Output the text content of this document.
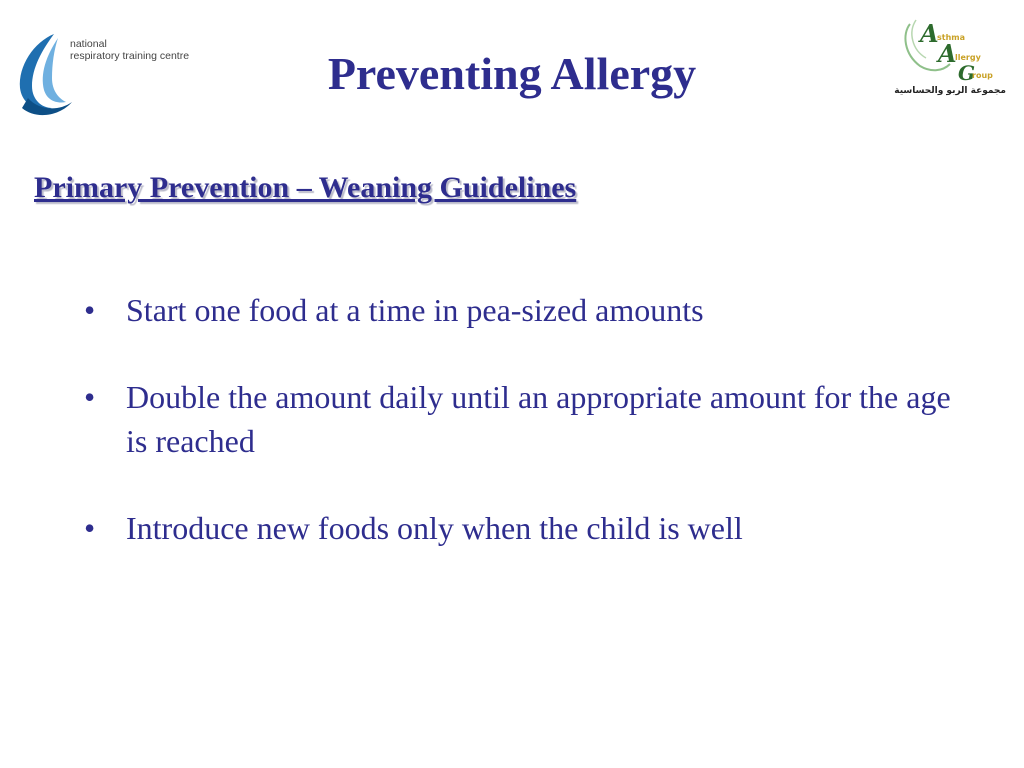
national
respiratory training centre
A
sthma
A
llergy
G
roup
مجموعة الربو والحساسية
Preventing Allergy
Primary Prevention – Weaning Guidelines
• Start one food at a time in pea-sized amounts
• Double the amount daily until an appropriate amount for the age is reached
• Introduce new foods only when the child is well
